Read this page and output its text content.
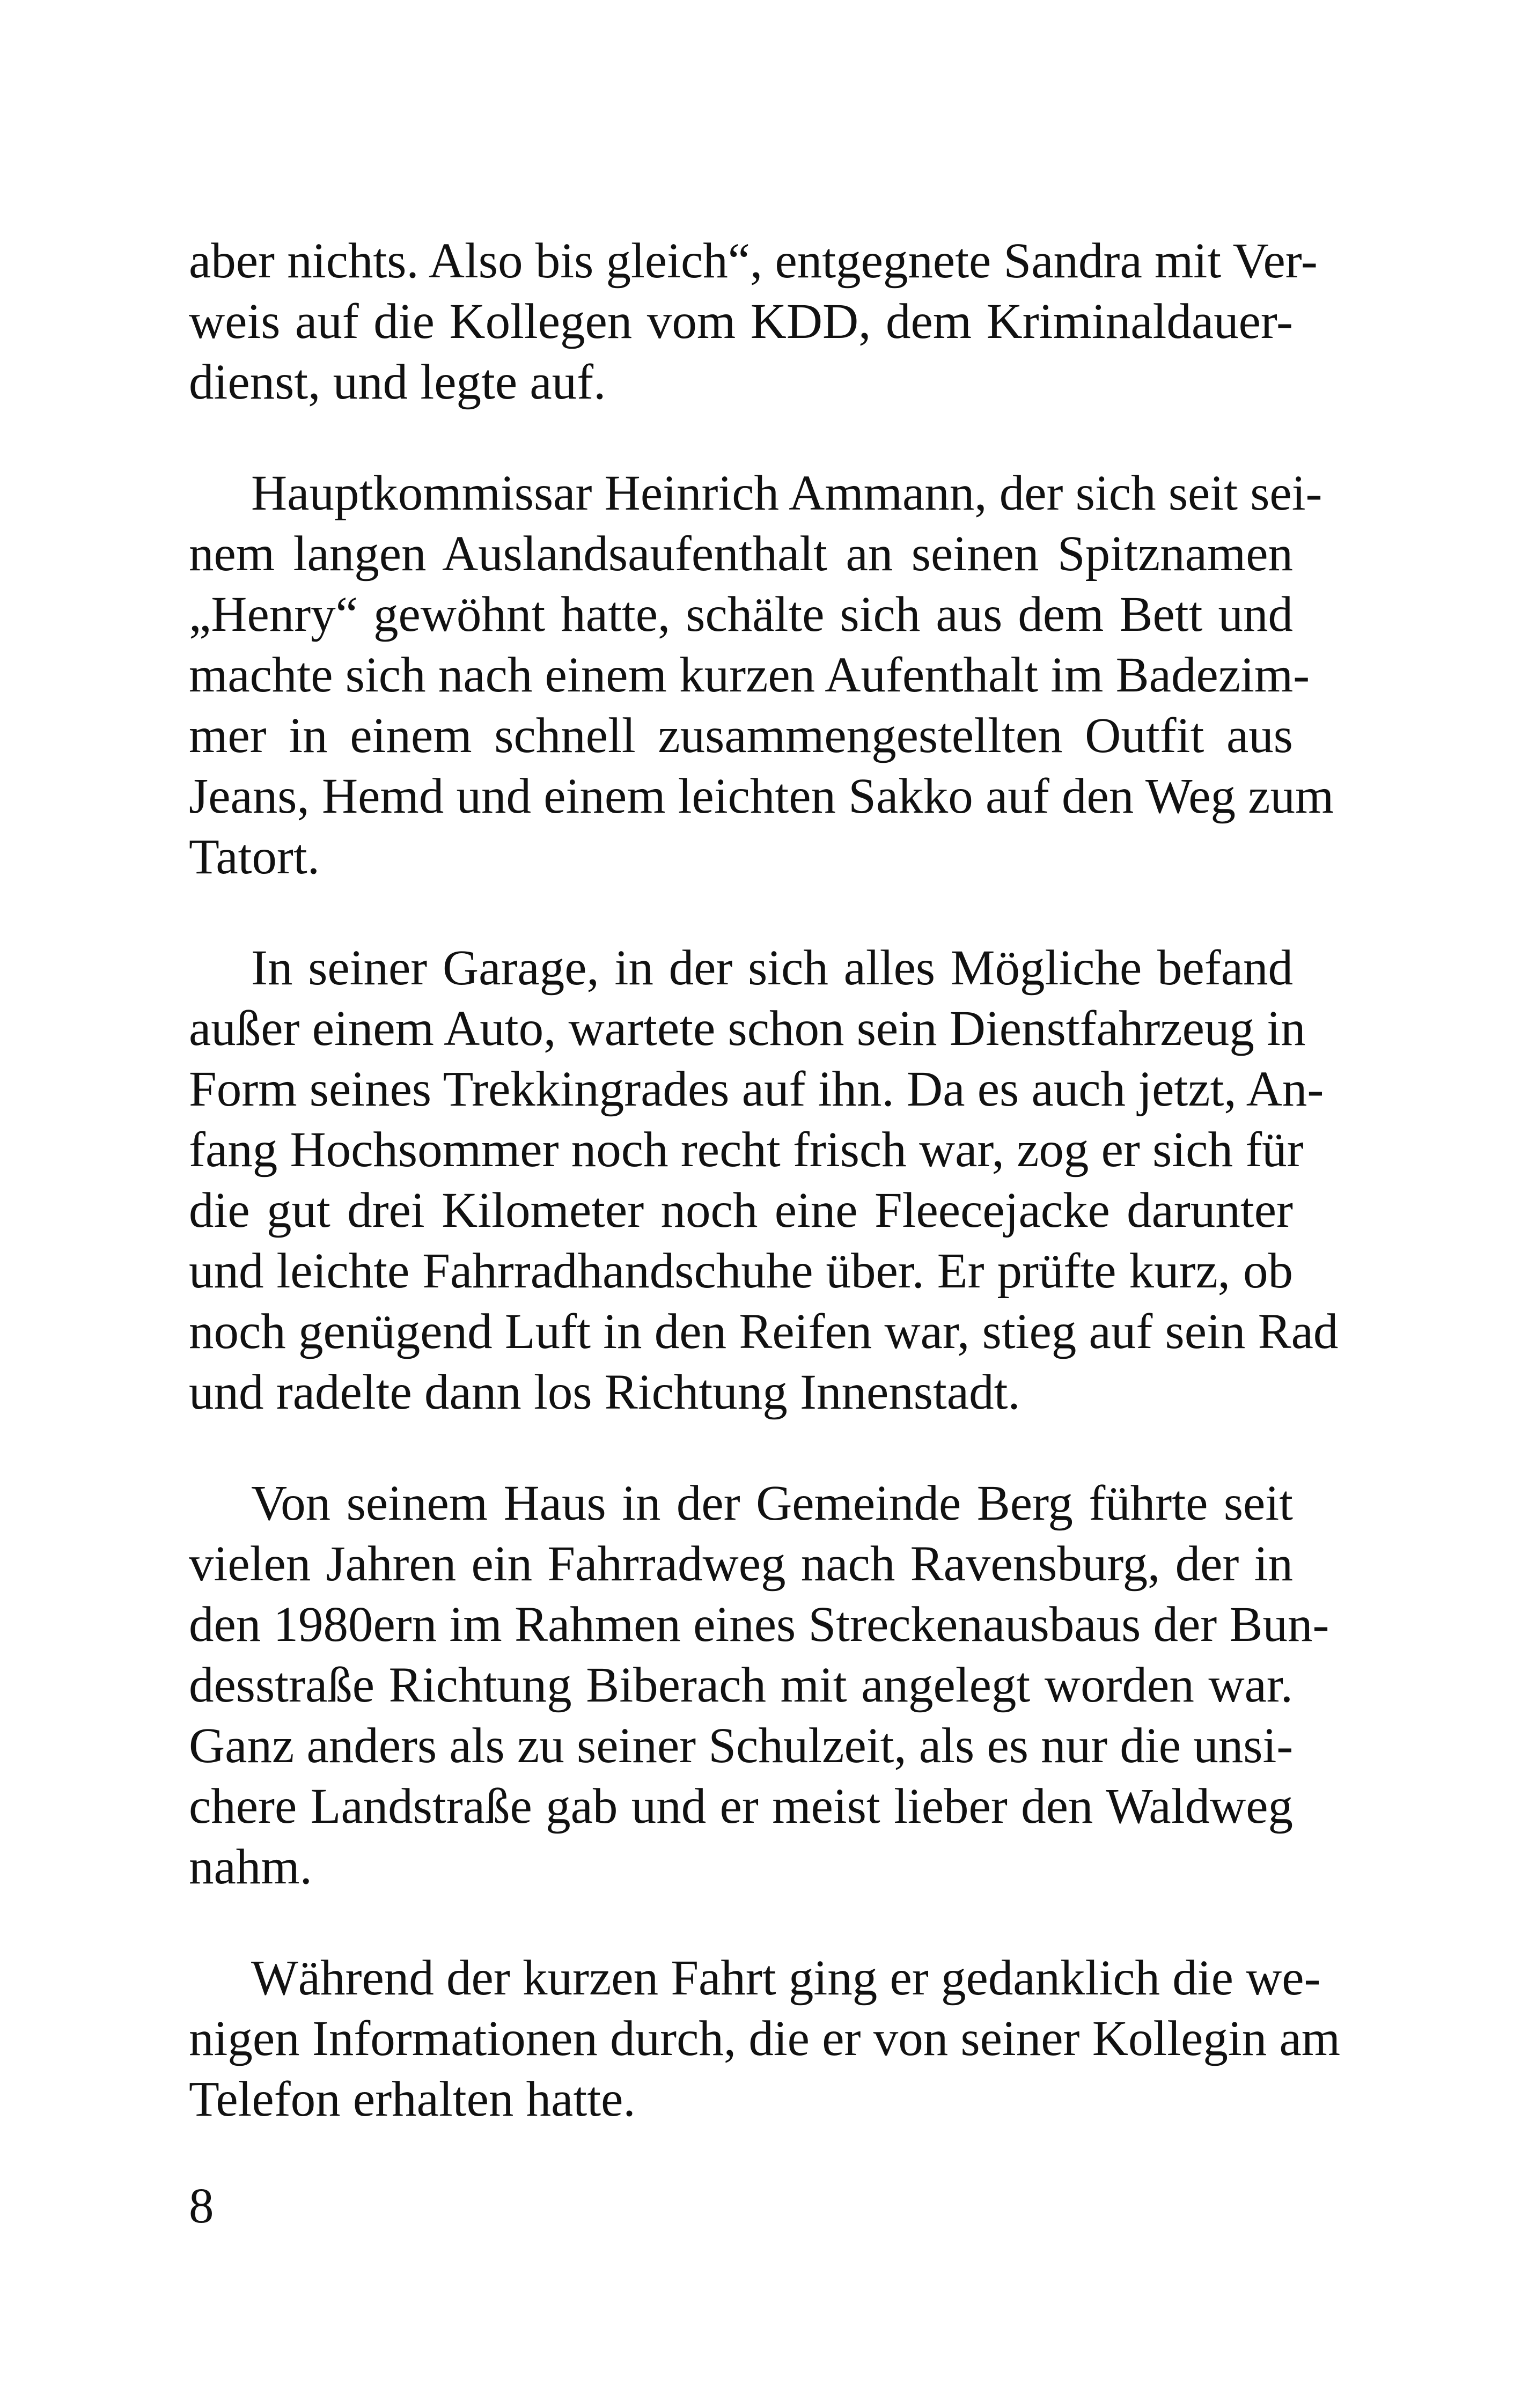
aber nichts. Also bis gleich“, entgegnete Sandra mit Ver-
weis auf die Kollegen vom KDD, dem Kriminaldauer-
dienst, und legte auf.

Hauptkommissar Heinrich Ammann, der sich seit sei-
nem langen Auslandsaufenthalt an seinen Spitznamen
„Henry“ gewöhnt hatte, schälte sich aus dem Bett und
machte sich nach einem kurzen Aufenthalt im Badezim-
mer in einem schnell zusammengestellten Outfit aus
Jeans, Hemd und einem leichten Sakko auf den Weg zum
Tatort.

In seiner Garage, in der sich alles Mögliche befand
außer einem Auto, wartete schon sein Dienstfahrzeug in
Form seines Trekkingrades auf ihn. Da es auch jetzt, An-
fang Hochsommer noch recht frisch war, zog er sich für
die gut drei Kilometer noch eine Fleecejacke darunter
und leichte Fahrradhandschuhe über. Er prüfte kurz, ob
noch genügend Luft in den Reifen war, stieg auf sein Rad
und radelte dann los Richtung Innenstadt.

Von seinem Haus in der Gemeinde Berg führte seit
vielen Jahren ein Fahrradweg nach Ravensburg, der in
den 1980ern im Rahmen eines Streckenausbaus der Bun-
desstraße Richtung Biberach mit angelegt worden war.
Ganz anders als zu seiner Schulzeit, als es nur die unsi-
chere Landstraße gab und er meist lieber den Waldweg
nahm.

Während der kurzen Fahrt ging er gedanklich die we-
nigen Informationen durch, die er von seiner Kollegin am
Telefon erhalten hatte.

8
